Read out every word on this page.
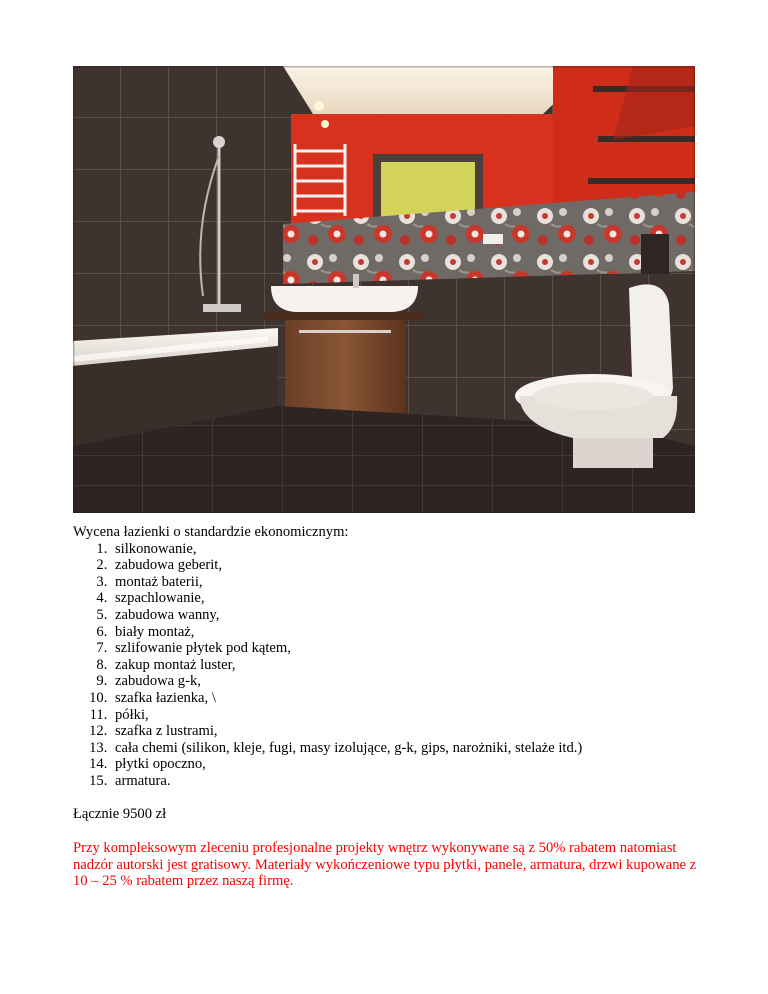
Wycena łazienki o standardzie ekonomicznym:

1. silkonowanie,
2. zabudowa geberit,
3. montaż baterii,
4. szpachlowanie,
5. zabudowa wanny,
6. biały montaż,
7. szlifowanie płytek pod kątem,
8. zakup montaż luster,
9. zabudowa g-k,
10. szafka łazienka, \
11. półki,
12. szafka z lustrami,
13. cała chemi (silikon, kleje, fugi, masy izolujące, g-k, gips, narożniki, stelaże itd.)
14. płytki opoczno,
15. armatura.

Łącznie 9500 zł

Przy kompleksowym zleceniu profesjonalne projekty wnętrz wykonywane są z 50% rabatem natomiast nadzór autorski jest gratisowy. Materiały wykończeniowe typu płytki, panele, armatura, drzwi kupowane z 10 – 25 % rabatem przez naszą firmę.
